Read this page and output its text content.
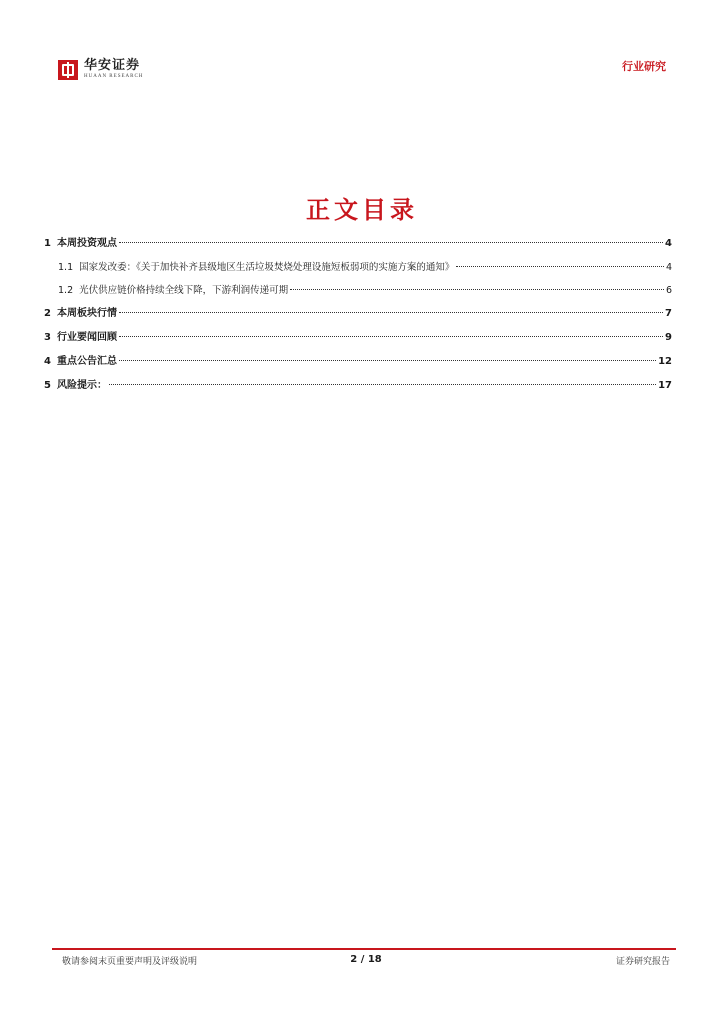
华安证券
HUAAN RESEARCH
行业研究
正文目录
1 本周投资观点	4
1.1 国家发改委：《关于加快补齐县级地区生活垃圾焚烧处理设施短板弱项的实施方案的通知》	4
1.2 光伏供应链价格持续全线下降，下游利润传递可期	6
2 本周板块行情	7
3 行业要闻回顾	9
4 重点公告汇总	12
5 风险提示：	17
敬请参阅末页重要声明及评级说明	2 / 18	证券研究报告
